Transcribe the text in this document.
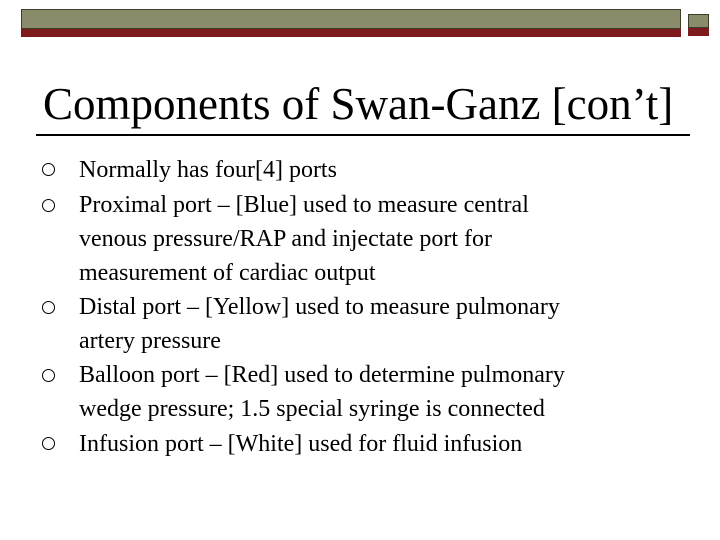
Components of Swan-Ganz [con’t]
Normally has four[4] ports
Proximal port – [Blue] used to measure central
venous pressure/RAP and injectate port for
measurement of cardiac output
Distal port – [Yellow] used to measure pulmonary
artery pressure
Balloon port – [Red] used to determine pulmonary
wedge pressure; 1.5 special syringe is connected
Infusion port – [White] used for fluid infusion
